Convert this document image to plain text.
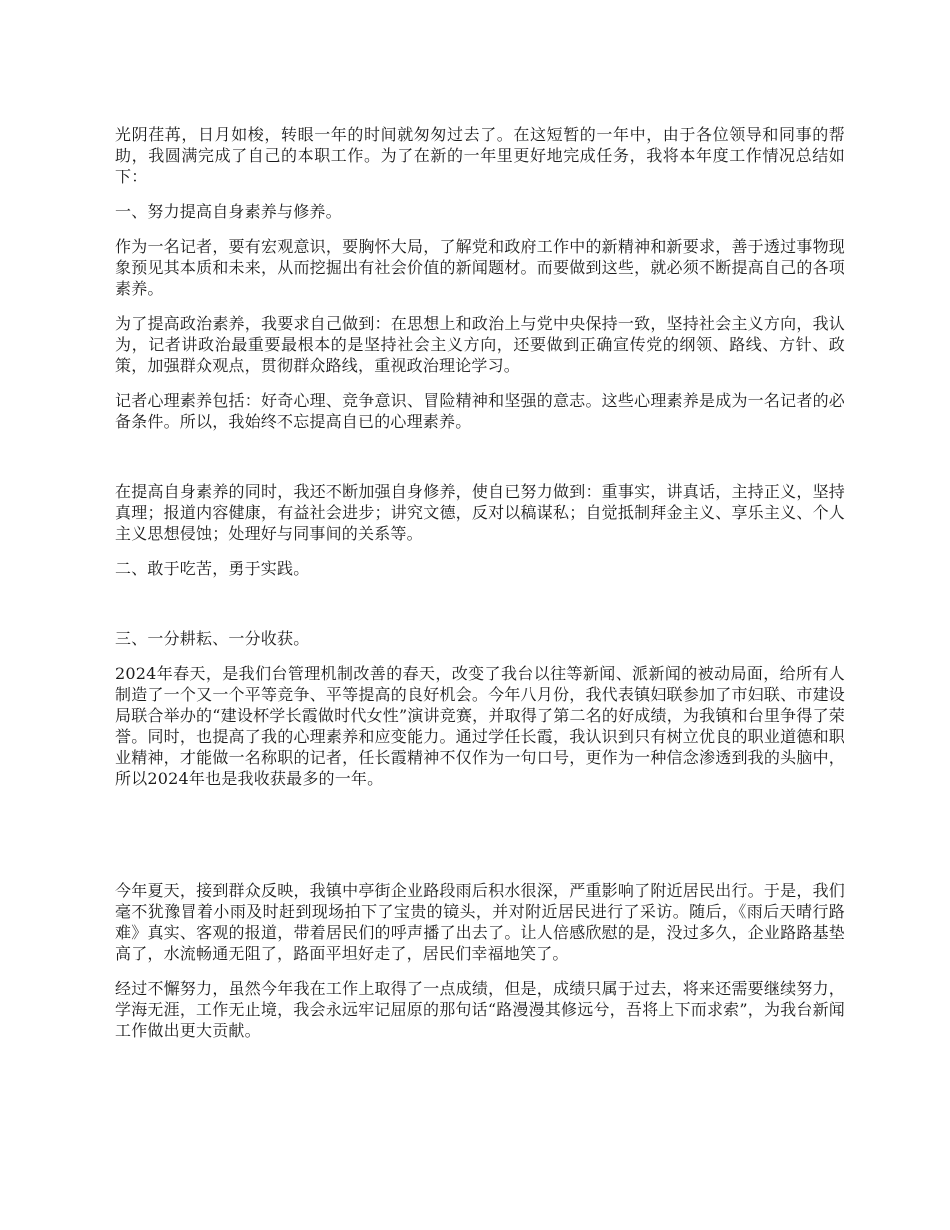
光阴荏苒，日月如梭，转眼一年的时间就匆匆过去了。在这短暂的一年中，由于各位领导和同事的帮助，我圆满完成了自己的本职工作。为了在新的一年里更好地完成任务，我将本年度工作情况总结如下：

一、努力提高自身素养与修养。

作为一名记者，要有宏观意识，要胸怀大局，了解党和政府工作中的新精神和新要求，善于透过事物现象预见其本质和未来，从而挖掘出有社会价值的新闻题材。而要做到这些，就必须不断提高自己的各项素养。

为了提高政治素养，我要求自己做到：在思想上和政治上与党中央保持一致，坚持社会主义方向，我认为，记者讲政治最重要最根本的是坚持社会主义方向，还要做到正确宣传党的纲领、路线、方针、政策，加强群众观点，贯彻群众路线，重视政治理论学习。

记者心理素养包括：好奇心理、竞争意识、冒险精神和坚强的意志。这些心理素养是成为一名记者的必备条件。所以，我始终不忘提高自已的心理素养。

在提高自身素养的同时，我还不断加强自身修养，使自已努力做到：重事实，讲真话，主持正义，坚持真理；报道内容健康，有益社会进步；讲究文德，反对以稿谋私；自觉抵制拜金主义、享乐主义、个人主义思想侵蚀；处理好与同事间的关系等。

二、敢于吃苦，勇于实践。

三、一分耕耘、一分收获。

2024年春天，是我们台管理机制改善的春天，改变了我台以往等新闻、派新闻的被动局面，给所有人制造了一个又一个平等竞争、平等提高的良好机会。今年八月份，我代表镇妇联参加了市妇联、市建设局联合举办的“建设杯学长霞做时代女性”演讲竞赛，并取得了第二名的好成绩，为我镇和台里争得了荣誉。同时，也提高了我的心理素养和应变能力。通过学任长霞，我认识到只有树立优良的职业道德和职业精神，才能做一名称职的记者，任长霞精神不仅作为一句口号，更作为一种信念渗透到我的头脑中，所以2024年也是我收获最多的一年。

今年夏天，接到群众反映，我镇中亭街企业路段雨后积水很深，严重影响了附近居民出行。于是，我们毫不犹豫冒着小雨及时赶到现场拍下了宝贵的镜头，并对附近居民进行了采访。随后，《雨后天晴行路难》真实、客观的报道，带着居民们的呼声播了出去了。让人倍感欣慰的是，没过多久，企业路路基垫高了，水流畅通无阻了，路面平坦好走了，居民们幸福地笑了。

经过不懈努力，虽然今年我在工作上取得了一点成绩，但是，成绩只属于过去，将来还需要继续努力，学海无涯，工作无止境，我会永远牢记屈原的那句话“路漫漫其修远兮，吾将上下而求索”，为我台新闻工作做出更大贡献。
